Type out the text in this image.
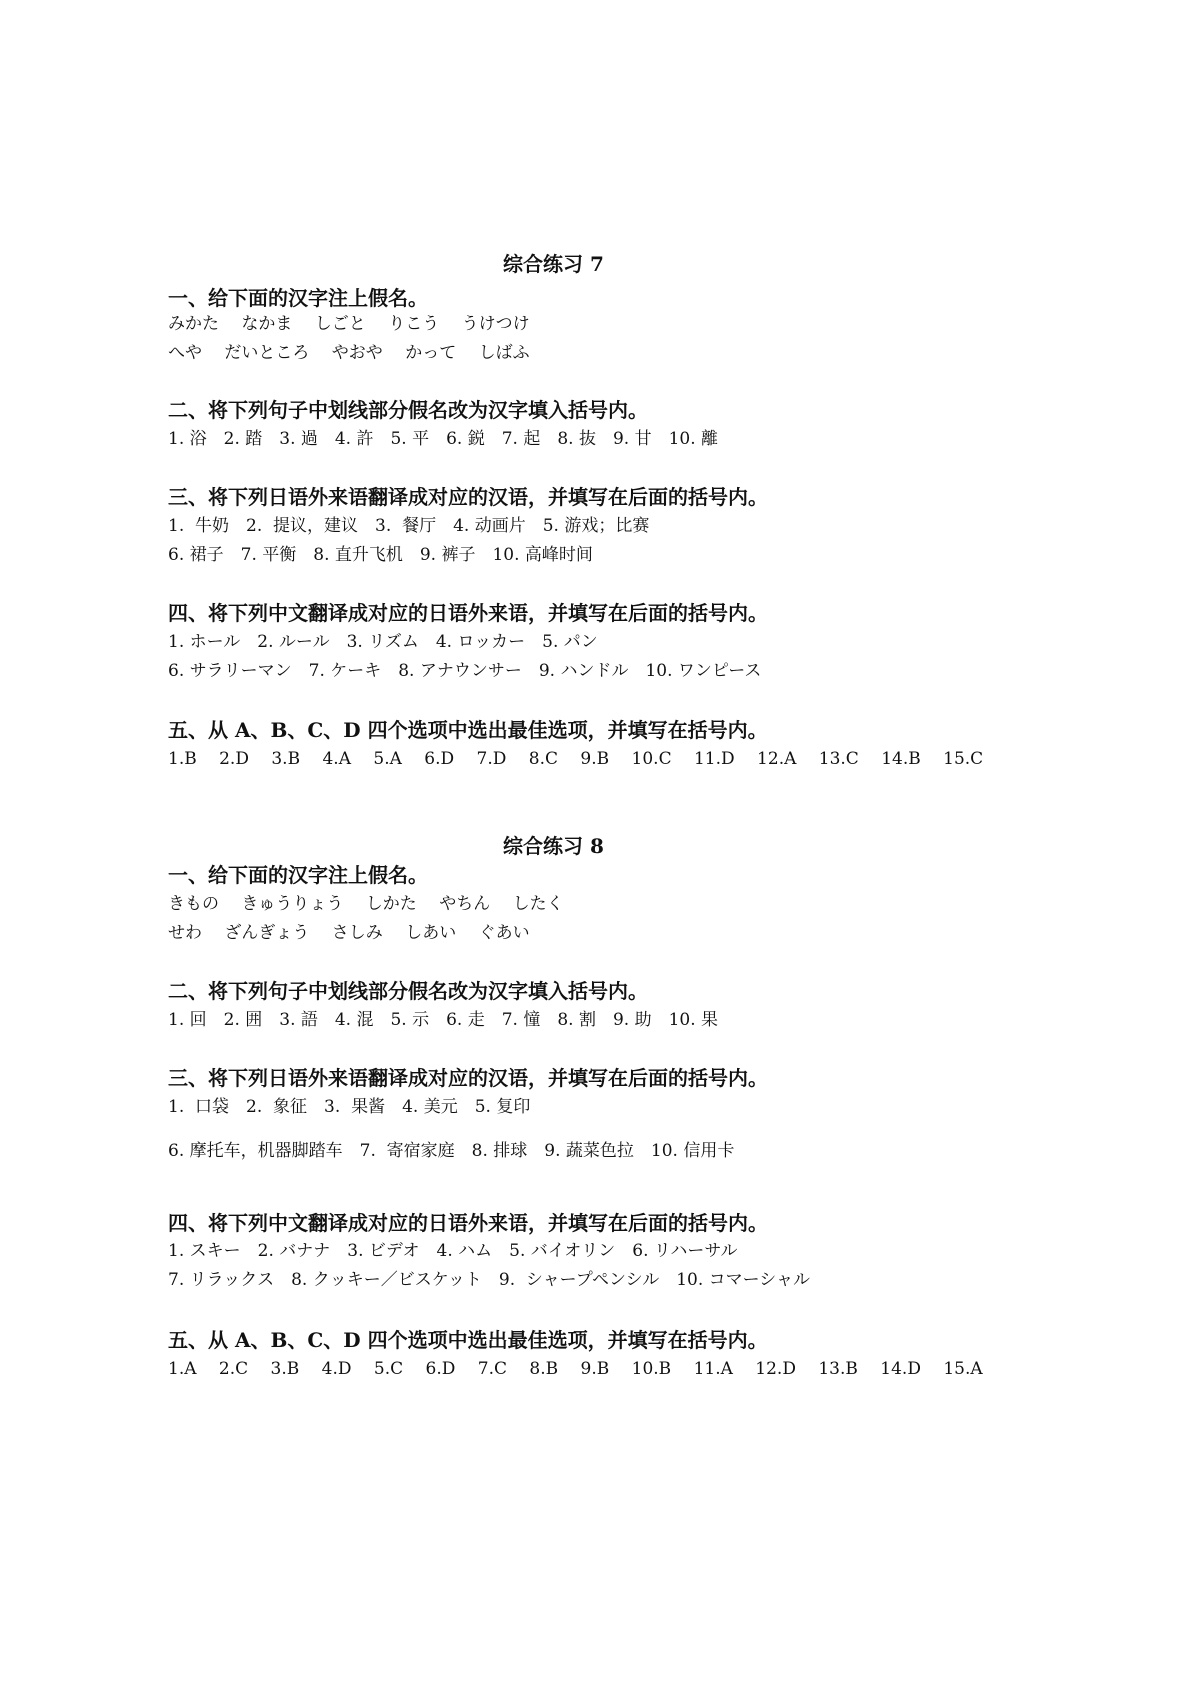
综合练习 7
一、给下面的汉字注上假名。
みかた　 なかま　 しごと　 りこう　 うけつけ
へや　 だいところ　 やおや　 かって　 しばふ
二、将下列句子中划线部分假名改为汉字填入括号内。
1. 浴　2. 踏　3. 過　4. 許　5. 平　6. 鋭　7. 起　8. 抜　9. 甘　10. 離
三、将下列日语外来语翻译成对应的汉语，并填写在后面的括号内。
1.  牛奶　2.  提议，建议　3.  餐厅　4. 动画片　5. 游戏；比赛
6. 裙子　7. 平衡　8. 直升飞机　9. 裤子　10. 高峰时间
四、将下列中文翻译成对应的日语外来语，并填写在后面的括号内。
1. ホール　2. ルール　3. リズム　4. ロッカー　5. パン
6. サラリーマン　7. ケーキ　8. アナウンサー　9. ハンドル　10. ワンピース
五、从 A、B、C、D 四个选项中选出最佳选项，并填写在括号内。
1.B　 2.D　 3.B　 4.A　 5.A　 6.D　 7.D　 8.C　 9.B　 10.C　 11.D　 12.A　 13.C　 14.B　 15.C
综合练习 8
一、给下面的汉字注上假名。
きもの　 きゅうりょう　 しかた　 やちん　 したく
せわ　 ざんぎょう　 さしみ　 しあい　 ぐあい
二、将下列句子中划线部分假名改为汉字填入括号内。
1. 回　2. 囲　3. 語　4. 混　5. 示　6. 走　7. 憧　8. 割　9. 助　10. 果
三、将下列日语外来语翻译成对应的汉语，并填写在后面的括号内。
1.  口袋　2.  象征　3.  果酱　4. 美元　5. 复印
6. 摩托车，机器脚踏车　7.  寄宿家庭　8. 排球　9. 蔬菜色拉　10. 信用卡
四、将下列中文翻译成对应的日语外来语，并填写在后面的括号内。
1. スキー　2. バナナ　3. ビデオ　4. ハム　5. バイオリン　6. リハーサル
7. リラックス　8. クッキー／ビスケット　9.  シャープペンシル　10. コマーシャル
五、从 A、B、C、D 四个选项中选出最佳选项，并填写在括号内。
1.A　 2.C　 3.B　 4.D　 5.C　 6.D　 7.C　 8.B　 9.B　 10.B　 11.A　 12.D　 13.B　 14.D　 15.A
